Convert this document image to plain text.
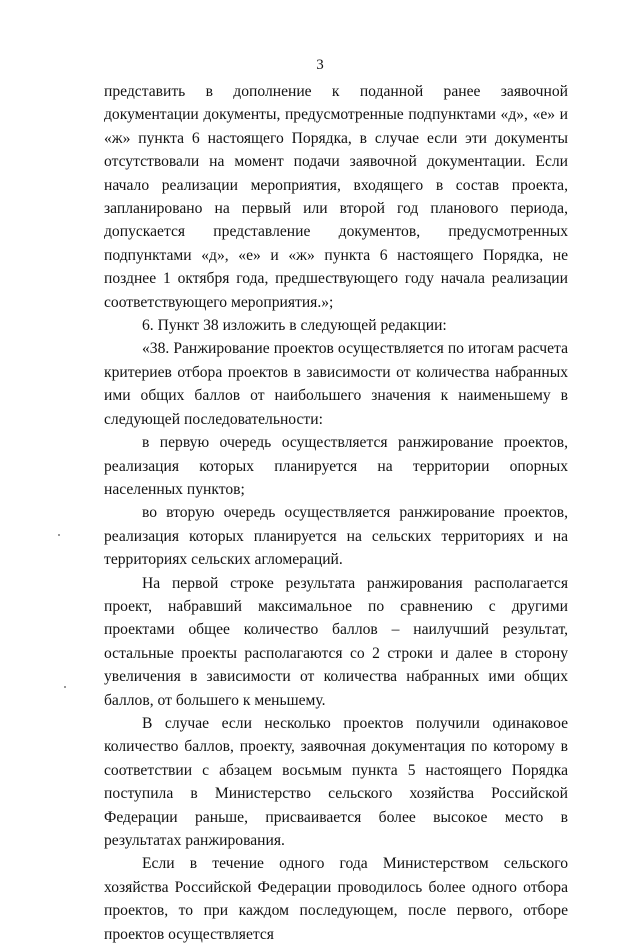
3

представить в дополнение к поданной ранее заявочной документации документы, предусмотренные подпунктами «д», «е» и «ж» пункта 6 настоящего Порядка, в случае если эти документы отсутствовали на момент подачи заявочной документации. Если начало реализации мероприятия, входящего в состав проекта, запланировано на первый или второй год планового периода, допускается представление документов, предусмотренных подпунктами «д», «е» и «ж» пункта 6 настоящего Порядка, не позднее 1 октября года, предшествующего году начала реализации соответствующего мероприятия.»;

6. Пункт 38 изложить в следующей редакции:

«38. Ранжирование проектов осуществляется по итогам расчета критериев отбора проектов в зависимости от количества набранных ими общих баллов от наибольшего значения к наименьшему в следующей последовательности:

в первую очередь осуществляется ранжирование проектов, реализация которых планируется на территории опорных населенных пунктов;

во вторую очередь осуществляется ранжирование проектов, реализация которых планируется на сельских территориях и на территориях сельских агломераций.

На первой строке результата ранжирования располагается проект, набравший максимальное по сравнению с другими проектами общее количество баллов – наилучший результат, остальные проекты располагаются со 2 строки и далее в сторону увеличения в зависимости от количества набранных ими общих баллов, от большего к меньшему.

В случае если несколько проектов получили одинаковое количество баллов, проекту, заявочная документация по которому в соответствии с абзацем восьмым пункта 5 настоящего Порядка поступила в Министерство сельского хозяйства Российской Федерации раньше, присваивается более высокое место в результатах ранжирования.

Если в течение одного года Министерством сельского хозяйства Российской Федерации проводилось более одного отбора проектов, то при каждом последующем, после первого, отборе проектов осуществляется
